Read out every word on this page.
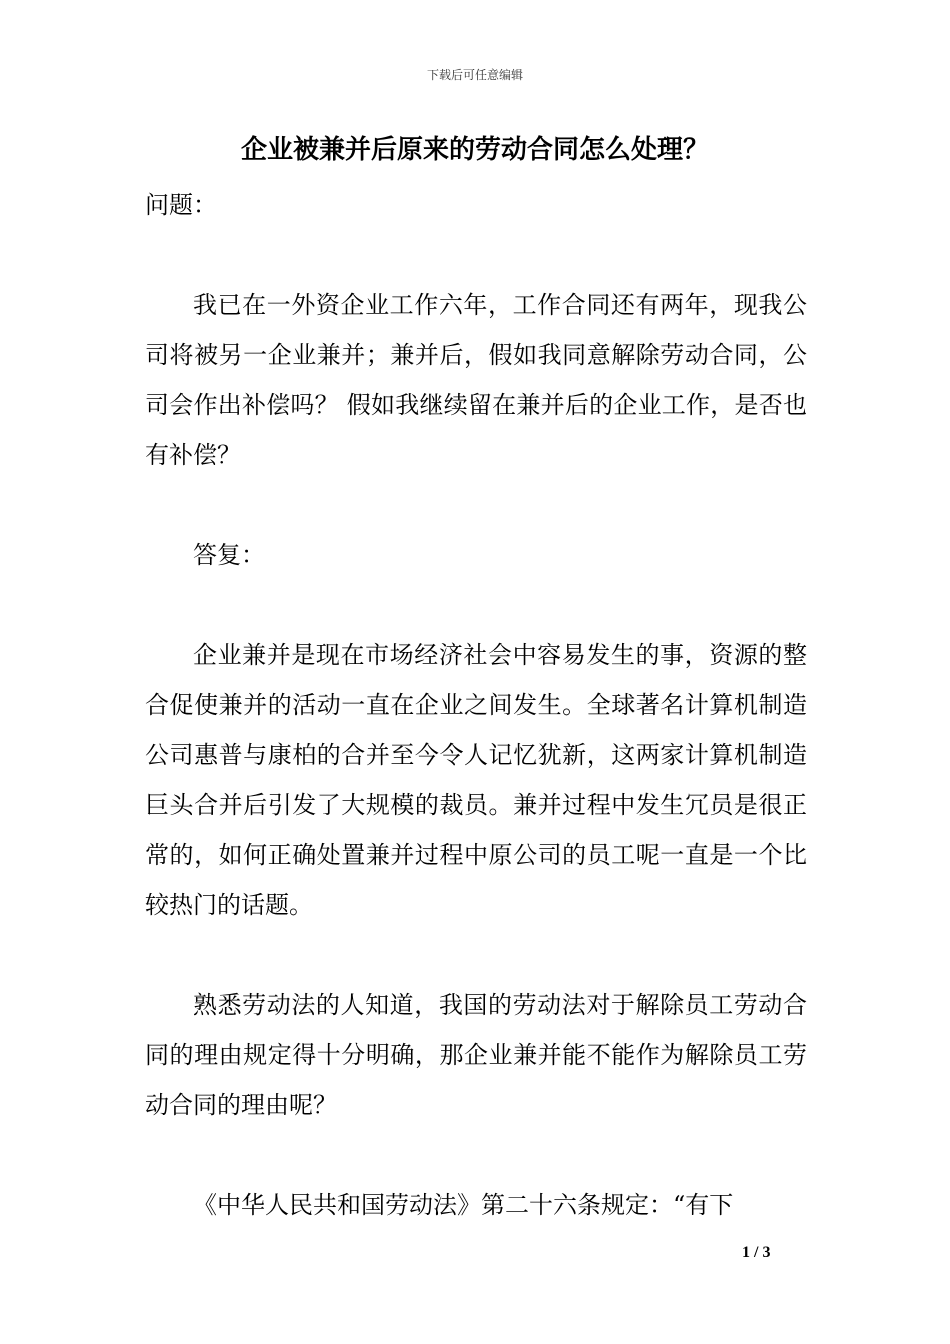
下载后可任意编辑
企业被兼并后原来的劳动合同怎么处理？

问题：

我已在一外资企业工作六年，工作合同还有两年，现我公司将被另一企业兼并；兼并后，假如我同意解除劳动合同，公司会作出补偿吗？ 假如我继续留在兼并后的企业工作，是否也有补偿？

答复：

企业兼并是现在市场经济社会中容易发生的事，资源的整合促使兼并的活动一直在企业之间发生。全球著名计算机制造公司惠普与康柏的合并至今令人记忆犹新，这两家计算机制造巨头合并后引发了大规模的裁员。兼并过程中发生冗员是很正常的，如何正确处置兼并过程中原公司的员工呢一直是一个比较热门的话题。

熟悉劳动法的人知道，我国的劳动法对于解除员工劳动合同的理由规定得十分明确，那企业兼并能不能作为解除员工劳动合同的理由呢？

《中华人民共和国劳动法》第二十六条规定：“有下

1 / 3
